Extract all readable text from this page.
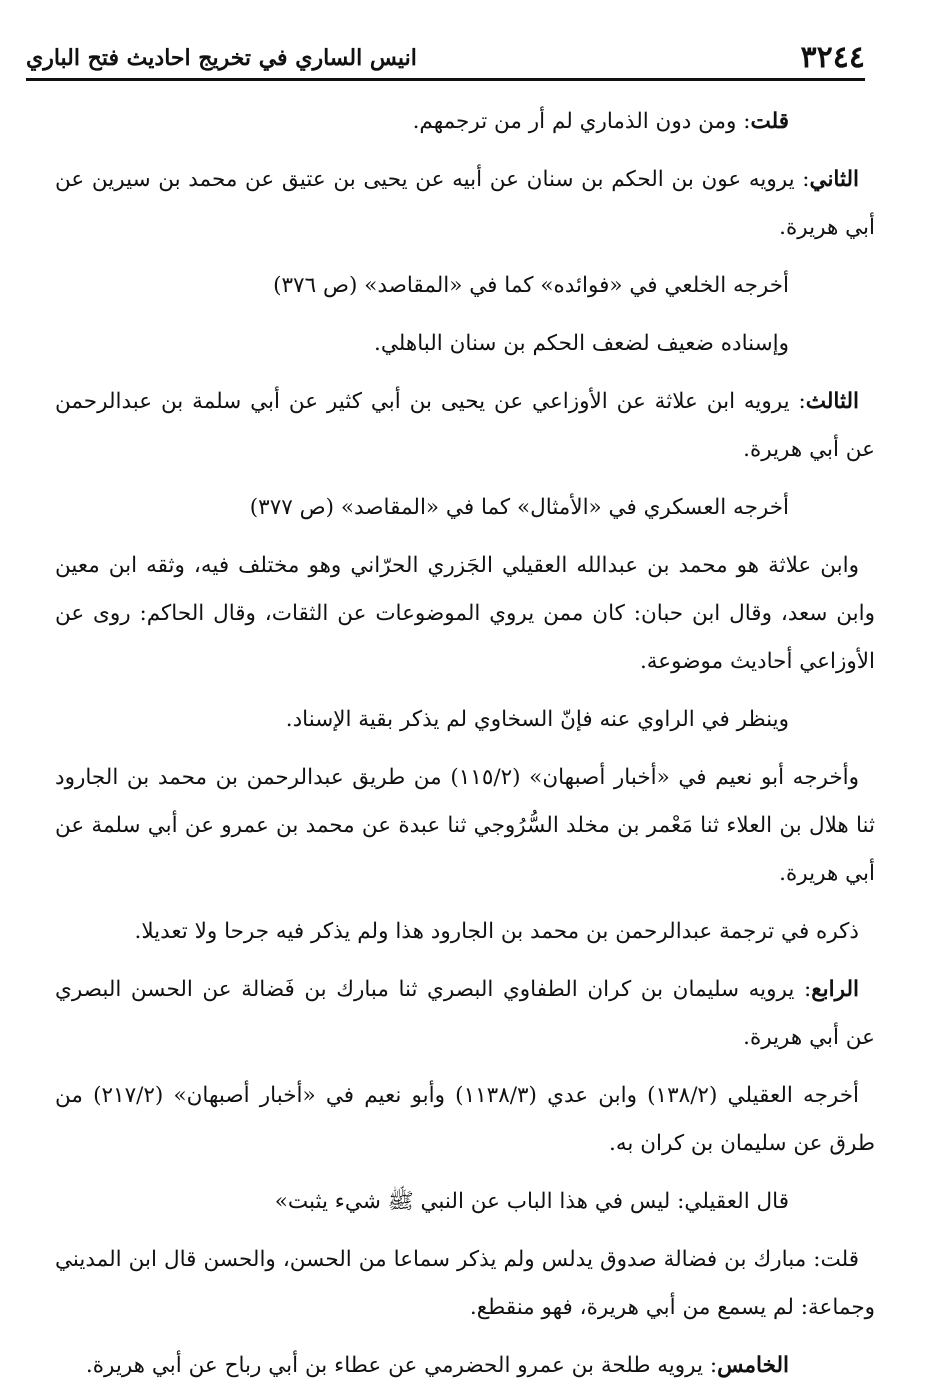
٣٢٤٤
انيس الساري في تخريج احاديث فتح الباري

قلت: ومن دون الذماري لم أر من ترجمهم.

الثاني: يرويه عون بن الحكم بن سنان عن أبيه عن يحيى بن عتيق عن محمد بن سيرين عن أبي هريرة.

أخرجه الخلعي في «فوائده» كما في «المقاصد» (ص ٣٧٦)

وإسناده ضعيف لضعف الحكم بن سنان الباهلي.

الثالث: يرويه ابن علاثة عن الأوزاعي عن يحيى بن أبي كثير عن أبي سلمة بن عبدالرحمن عن أبي هريرة.

أخرجه العسكري في «الأمثال» كما في «المقاصد» (ص ٣٧٧)

وابن علاثة هو محمد بن عبدالله العقيلي الجَزري الحرّاني وهو مختلف فيه، وثقه ابن معين وابن سعد، وقال ابن حبان: كان ممن يروي الموضوعات عن الثقات، وقال الحاكم: روى عن الأوزاعي أحاديث موضوعة.

وينظر في الراوي عنه فإنّ السخاوي لم يذكر بقية الإسناد.

وأخرجه أبو نعيم في «أخبار أصبهان» (١١٥/٢) من طريق عبدالرحمن بن محمد بن الجارود ثنا هلال بن العلاء ثنا مَعْمر بن مخلد السُّرُوجي ثنا عبدة عن محمد بن عمرو عن أبي سلمة عن أبي هريرة.

ذكره في ترجمة عبدالرحمن بن محمد بن الجارود هذا ولم يذكر فيه جرحا ولا تعديلا.

الرابع: يرويه سليمان بن كران الطفاوي البصري ثنا مبارك بن فَضالة عن الحسن البصري عن أبي هريرة.

أخرجه العقيلي (١٣٨/٢) وابن عدي (١١٣٨/٣) وأبو نعيم في «أخبار أصبهان» (٢١٧/٢) من طرق عن سليمان بن كران به.

قال العقيلي: ليس في هذا الباب عن النبي ﷺ شيء يثبت»

قلت: مبارك بن فضالة صدوق يدلس ولم يذكر سماعا من الحسن، والحسن قال ابن المديني وجماعة: لم يسمع من أبي هريرة، فهو منقطع.

الخامس: يرويه طلحة بن عمرو الحضرمي عن عطاء بن أبي رباح عن أبي هريرة.
